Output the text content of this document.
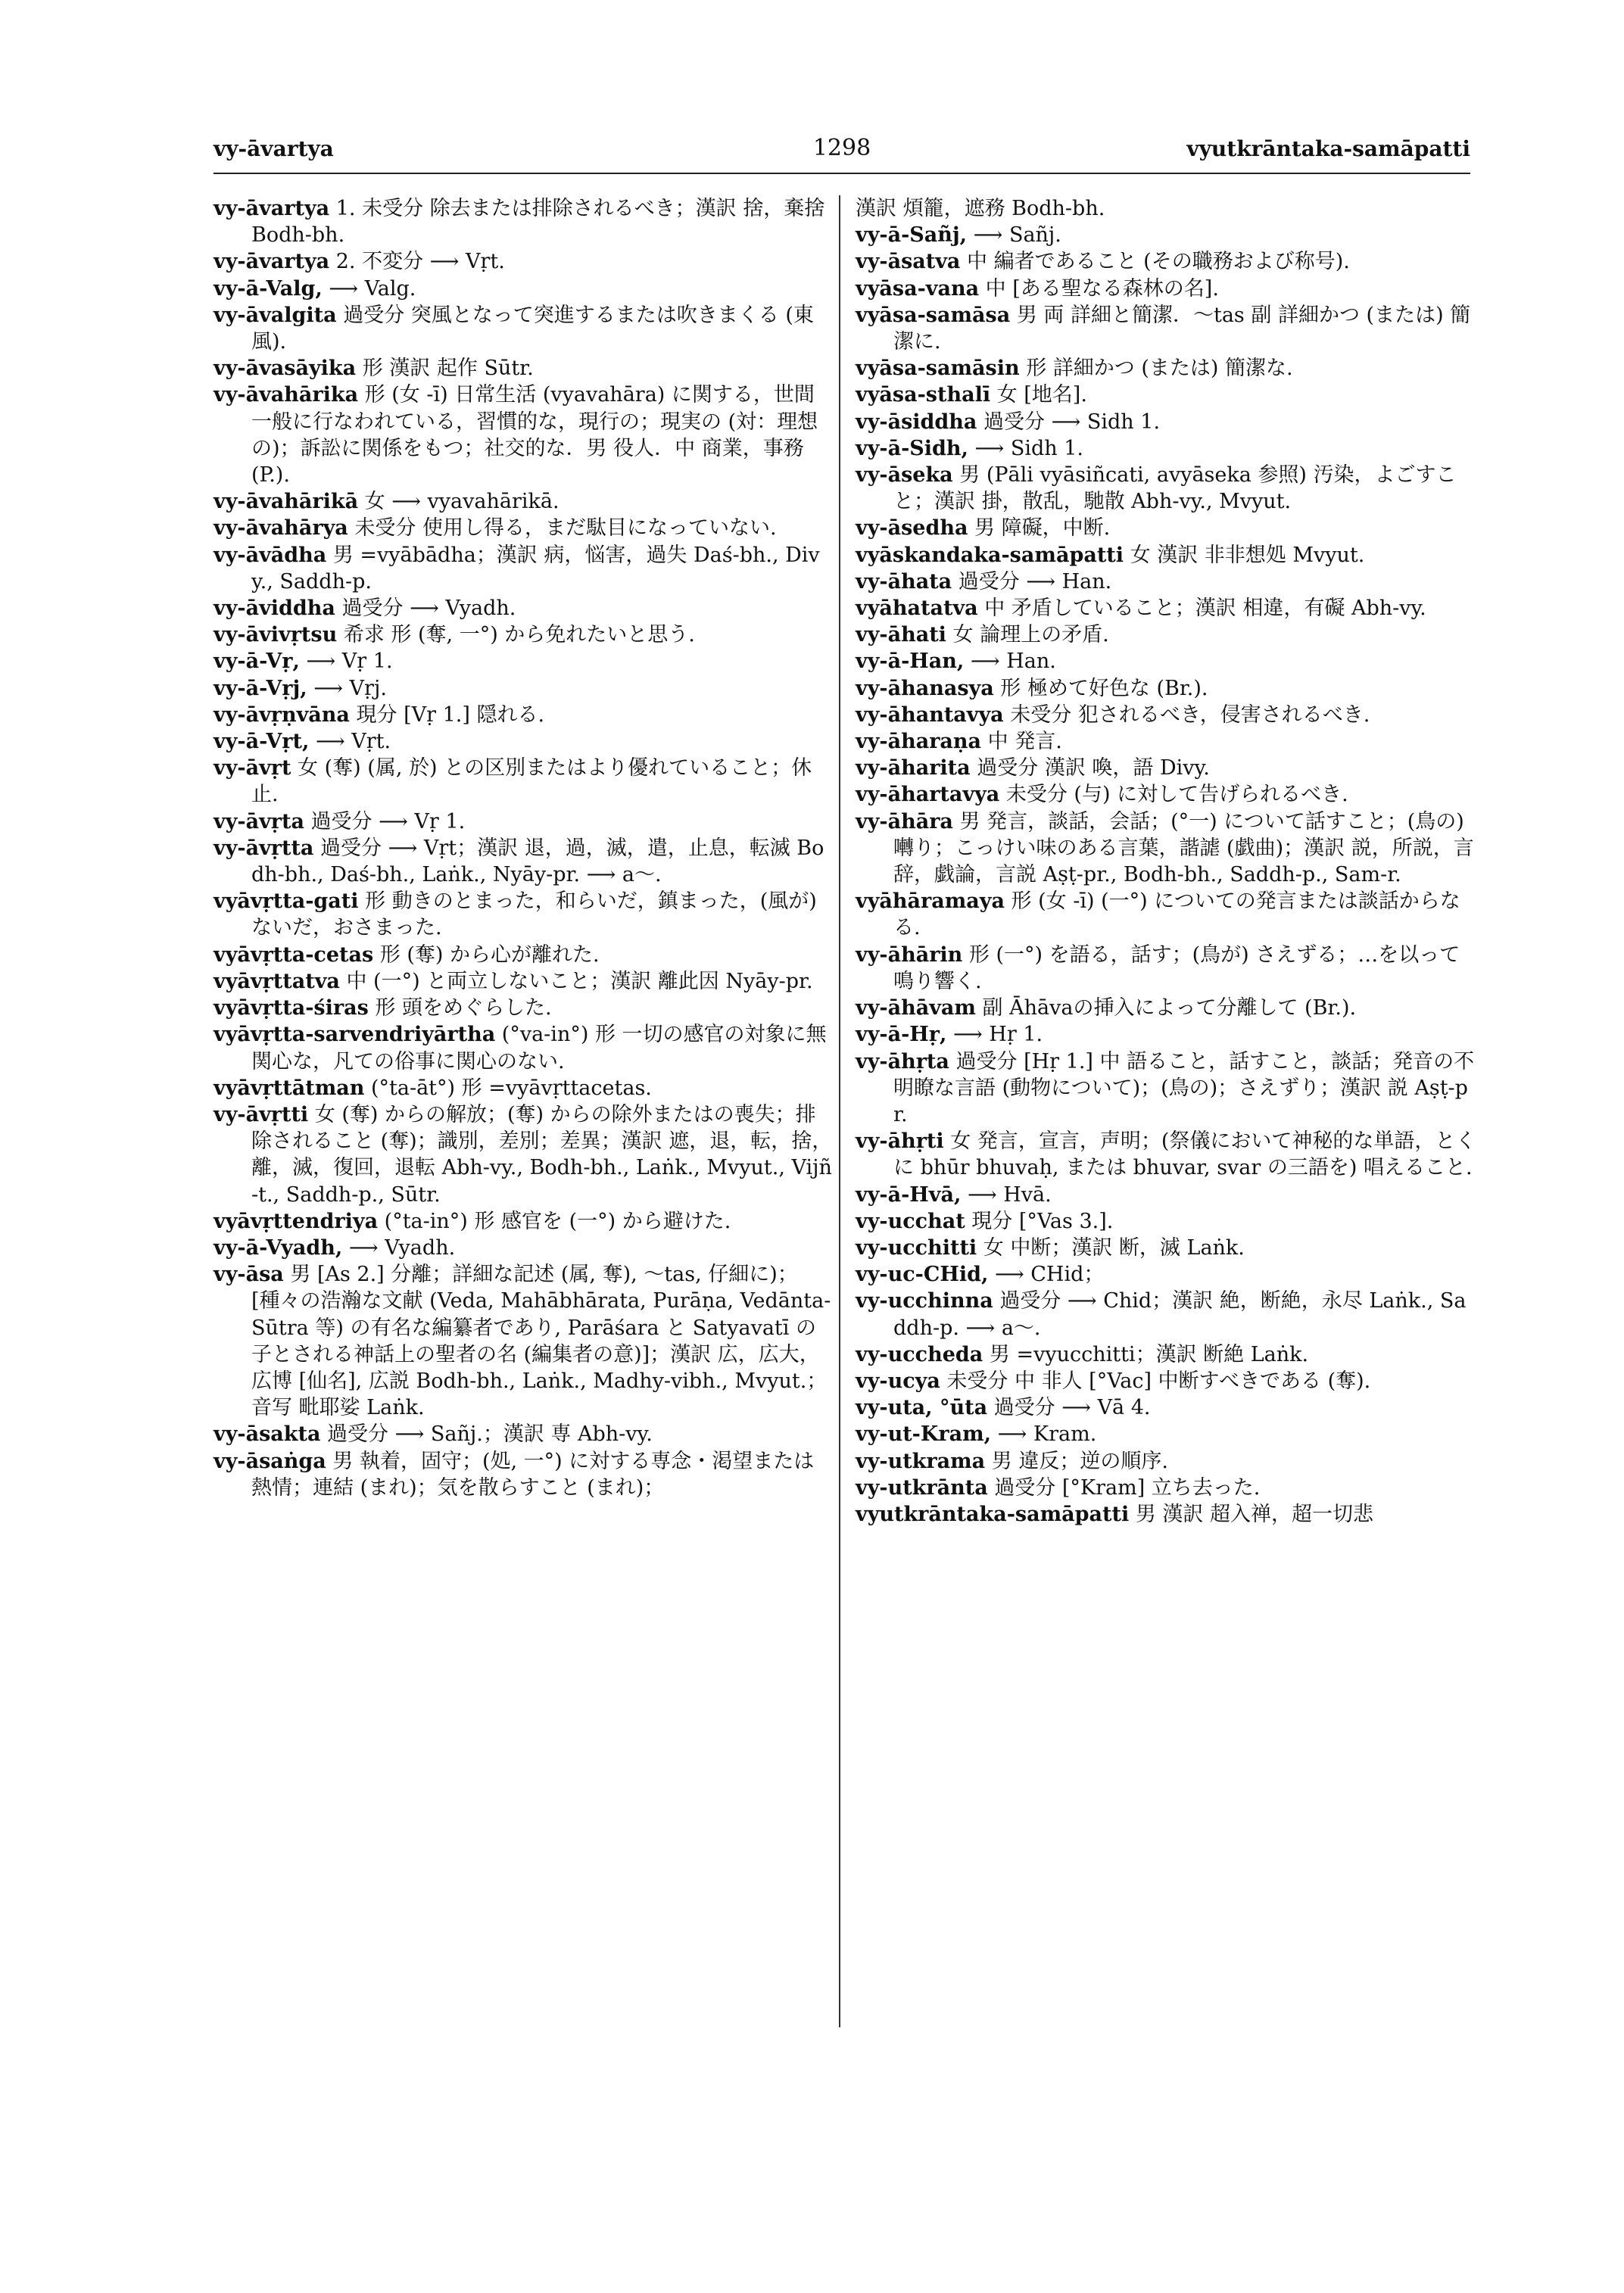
vy-āvartya	1298	vyutkrāntaka-samāpatti

vy-āvartya 1. 未受分 除去または排除されるべき；漢訳 捨，棄捨 Bodh-bh.

vy-āvartya 2. 不変分 ⟶ Vṛt.

vy-ā-Valg, ⟶ Valg.

vy-āvalgita 過受分 突風となって突進するまたは吹きまくる (東風).

vy-āvasāyika 形 漢訳 起作 Sūtr.

vy-āvahārika 形 (女 -ī) 日常生活 (vyavahāra) に関する，世間一般に行なわれている，習慣的な，現行の；現実の (対：理想の)；訴訟に関係をもつ；社交的な．男 役人．中 商業，事務 (P.).

vy-āvahārikā 女 ⟶ vyavahārikā.

vy-āvahārya 未受分 使用し得る，まだ駄目になっていない.

vy-āvādha 男 =vyābādha；漢訳 病，悩害，過失 Daś-bh., Divy., Saddh-p.

vy-āviddha 過受分 ⟶ Vyadh.

vy-āvivṛtsu 希求 形 (奪, 一°) から免れたいと思う.

vy-ā-Vṛ, ⟶ Vṛ 1.

vy-ā-Vṛj, ⟶ Vṛj.

vy-āvṛṇvāna 現分 [Vṛ 1.] 隠れる.

vy-ā-Vṛt, ⟶ Vṛt.

vy-āvṛt 女 (奪) (属, 於) との区別またはより優れていること；休止.

vy-āvṛta 過受分 ⟶ Vṛ 1.

vy-āvṛtta 過受分 ⟶ Vṛt；漢訳 退，過，滅，遣，止息，転滅 Bodh-bh., Daś-bh., Laṅk., Nyāy-pr. ⟶ a〜.

vyāvṛtta-gati 形 動きのとまった，和らいだ，鎮まった，(風が)ないだ，おさまった.

vyāvṛtta-cetas 形 (奪) から心が離れた.

vyāvṛttatva 中 (一°) と両立しないこと；漢訳 離此因 Nyāy-pr.

vyāvṛtta-śiras 形 頭をめぐらした.

vyāvṛtta-sarvendriyārtha (°va-in°) 形 一切の感官の対象に無関心な，凡ての俗事に関心のない.

vyāvṛttātman (°ta-āt°) 形 =vyāvṛttacetas.

vy-āvṛtti 女 (奪) からの解放；(奪) からの除外またはの喪失；排除されること (奪)；識別，差別；差異；漢訳 遮，退，転，捨，離，滅，復回，退転 Abh-vy., Bodh-bh., Laṅk., Mvyut., Vijñ-t., Saddh-p., Sūtr.

vyāvṛttendriya (°ta-in°) 形 感官を (一°) から避けた.

vy-ā-Vyadh, ⟶ Vyadh.

vy-āsa 男 [As 2.] 分離；詳細な記述 (属, 奪), 〜tas, 仔細に)；[種々の浩瀚な文献 (Veda, Mahābhārata, Purāṇa, Vedānta-Sūtra 等) の有名な編纂者であり, Parāśara と Satyavatī の子とされる神話上の聖者の名 (編集者の意)]；漢訳 広，広大，広博 [仙名], 広説 Bodh-bh., Laṅk., Madhy-vibh., Mvyut.；音写 毗耶娑 Laṅk.

vy-āsakta 過受分 ⟶ Sañj.；漢訳 専 Abh-vy.

vy-āsaṅga 男 執着，固守；(処, 一°) に対する専念・渇望または熱情；連結 (まれ)；気を散らすこと (まれ)；

漢訳 煩籠，遮務 Bodh-bh.

vy-ā-Sañj, ⟶ Sañj.

vy-āsatva 中 編者であること (その職務および称号).

vyāsa-vana 中 [ある聖なる森林の名].

vyāsa-samāsa 男 両 詳細と簡潔．〜tas 副 詳細かつ (または) 簡潔に.

vyāsa-samāsin 形 詳細かつ (または) 簡潔な.

vyāsa-sthalī 女 [地名].

vy-āsiddha 過受分 ⟶ Sidh 1.

vy-ā-Sidh, ⟶ Sidh 1.

vy-āseka 男 (Pāli vyāsiñcati, avyāseka 参照) 汚染，よごすこと；漢訳 掛，散乱，馳散 Abh-vy., Mvyut.

vy-āsedha 男 障礙，中断.

vyāskandaka-samāpatti 女 漢訳 非非想処 Mvyut.

vy-āhata 過受分 ⟶ Han.

vyāhatatva 中 矛盾していること；漢訳 相違，有礙 Abh-vy.

vy-āhati 女 論理上の矛盾.

vy-ā-Han, ⟶ Han.

vy-āhanasya 形 極めて好色な (Br.).

vy-āhantavya 未受分 犯されるべき，侵害されるべき.

vy-āharaṇa 中 発言.

vy-āharita 過受分 漢訳 喚，語 Divy.

vy-āhartavya 未受分 (与) に対して告げられるべき.

vy-āhāra 男 発言，談話，会話；(°一) について話すこと；(鳥の) 囀り；こっけい味のある言葉，諧謔 (戯曲)；漢訳 説，所説，言辞，戯論，言説 Aṣṭ-pr., Bodh-bh., Saddh-p., Sam-r.

vyāhāramaya 形 (女 -ī) (一°) についての発言または談話からなる.

vy-āhārin 形 (一°) を語る，話す；(鳥が) さえずる；…を以って鳴り響く.

vy-āhāvam 副 Āhāvaの挿入によって分離して (Br.).

vy-ā-Hṛ, ⟶ Hṛ 1.

vy-āhṛta 過受分 [Hṛ 1.] 中 語ること，話すこと，談話；発音の不明瞭な言語 (動物について)；(鳥の)；さえずり；漢訳 説 Aṣṭ-pr.

vy-āhṛti 女 発言，宣言，声明；(祭儀において神秘的な単語，とくに bhūr bhuvaḥ, または bhuvar, svar の三語を) 唱えること.

vy-ā-Hvā, ⟶ Hvā.

vy-ucchat 現分 [°Vas 3.].

vy-ucchitti 女 中断；漢訳 断，滅 Laṅk.

vy-uc-CHid, ⟶ CHid；

vy-ucchinna 過受分 ⟶ Chid；漢訳 絶，断絶，永尽 Laṅk., Saddh-p. ⟶ a〜.

vy-uccheda 男 =vyucchitti；漢訳 断絶 Laṅk.

vy-ucya 未受分 中 非人 [°Vac] 中断すべきである (奪).

vy-uta, °ūta 過受分 ⟶ Vā 4.

vy-ut-Kram, ⟶ Kram.

vy-utkrama 男 違反；逆の順序.

vy-utkrānta 過受分 [°Kram] 立ち去った.

vyutkrāntaka-samāpatti 男 漢訳 超入禅，超一切悲
